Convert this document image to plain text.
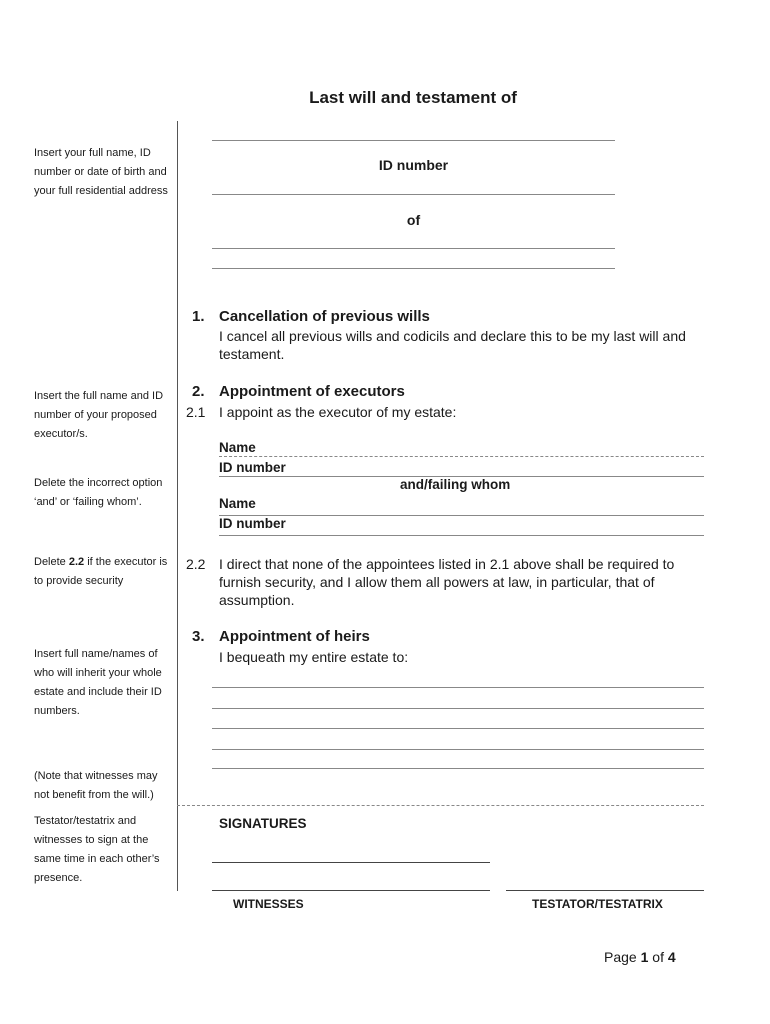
Last will and testament of
Insert your full name, ID number or date of birth and your full residential address
Insert the full name and ID number of your proposed executor/s.
Delete the incorrect option ‘and’ or ‘failing whom’.
Delete 2.2 if the executor is to provide security
Insert full name/names of who will inherit your whole estate and include their ID numbers.
(Note that witnesses may not benefit from the will.)
Testator/testatrix and witnesses to sign at the same time in each other’s presence.
ID number
of
1. Cancellation of previous wills
I cancel all previous wills and codicils and declare this to be my last will and testament.
2. Appointment of executors
2.1 I appoint as the executor of my estate:
Name
ID number
and/failing whom
Name
ID number
2.2 I direct that none of the appointees listed in 2.1 above shall be required to furnish security, and I allow them all powers at law, in particular, that of assumption.
3. Appointment of heirs
I bequeath my entire estate to:
SIGNATURES
WITNESSES	TESTATOR/TESTATRIX
Page 1 of 4
